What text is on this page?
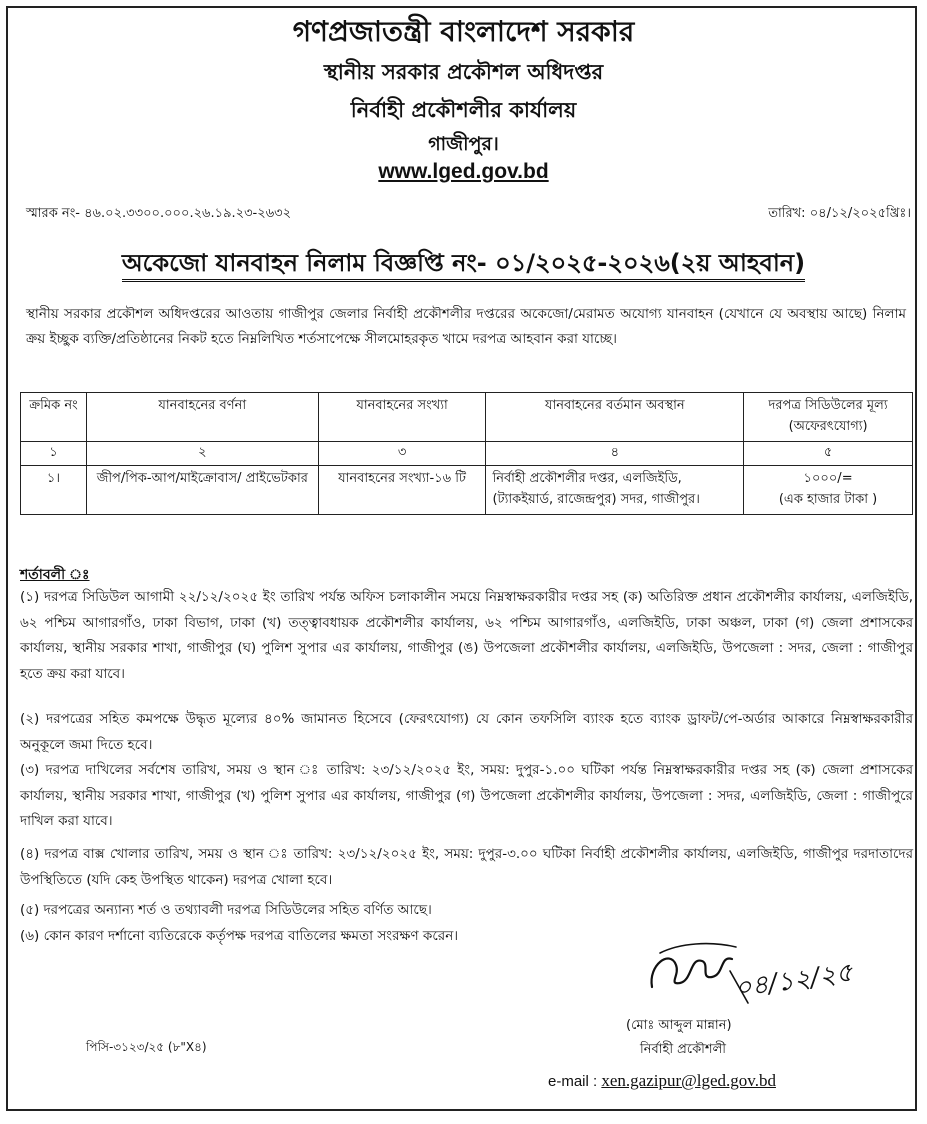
গণপ্রজাতন্ত্রী বাংলাদেশ সরকার
স্থানীয় সরকার প্রকৌশল অধিদপ্তর
নির্বাহী প্রকৌশলীর কার্যালয়
গাজীপুর।
www.lged.gov.bd
স্মারক নং- ৪৬.০২.৩৩০০.০০০.২৬.১৯.২৩-২৬৩২	তারিখ: ০৪/১২/২০২৫খ্রিঃ।
অকেজো যানবাহন নিলাম বিজ্ঞপ্তি নং- ০১/২০২৫-২০২৬(২য় আহবান)
স্থানীয় সরকার প্রকৌশল অধিদপ্তরের আওতায় গাজীপুর জেলার নির্বাহী প্রকৌশলীর দপ্তরের অকেজো/মেরামত অযোগ্য যানবাহন (যেখানে যে অবস্থায় আছে) নিলাম ক্রয় ইচ্ছুক ব্যক্তি/প্রতিষ্ঠানের নিকট হতে নিম্নলিখিত শর্তসাপেক্ষে সীলমোহরকৃত খামে দরপত্র আহবান করা যাচ্ছে।
ক্রমিক নং	যানবাহনের বর্ণনা	যানবাহনের সংখ্যা	যানবাহনের বর্তমান অবস্থান	দরপত্র সিডিউলের মূল্য (অফেরৎযোগ্য)
১	২	৩	৪	৫
১।	জীপ/পিক-আপ/মাইক্রোবাস/ প্রাইভেটকার	যানবাহনের সংখ্যা-১৬ টি	নির্বাহী প্রকৌশলীর দপ্তর, এলজিইডি, (ট্যাকইয়ার্ড, রাজেন্দ্রপুর) সদর, গাজীপুর।	১০০০/=
(এক হাজার টাকা )
শর্তাবলী ঃ
(১) দরপত্র সিডিউল আগামী ২২/১২/২০২৫ ইং তারিখ পর্যন্ত অফিস চলাকালীন সময়ে নিম্নস্বাক্ষরকারীর দপ্তর সহ (ক) অতিরিক্ত প্রধান প্রকৌশলীর কার্যালয়, এলজিইডি, ৬২ পশ্চিম আগারগাঁও, ঢাকা বিভাগ, ঢাকা (খ) তত্ত্বাবধায়ক প্রকৌশলীর কার্যালয়, ৬২ পশ্চিম আগারগাঁও, এলজিইডি, ঢাকা অঞ্চল, ঢাকা (গ) জেলা প্রশাসকের কার্যালয়, স্থানীয় সরকার শাখা, গাজীপুর (ঘ) পুলিশ সুপার এর কার্যালয়, গাজীপুর (ঙ) উপজেলা প্রকৌশলীর কার্যালয়, এলজিইডি, উপজেলা : সদর, জেলা : গাজীপুর হতে ক্রয় করা যাবে।
(২) দরপত্রের সহিত কমপক্ষে উদ্ধৃত মূল্যের ৪০% জামানত হিসেবে (ফেরৎযোগ্য) যে কোন তফসিলি ব্যাংক হতে ব্যাংক ড্রাফট/পে-অর্ডার আকারে নিম্নস্বাক্ষরকারীর অনুকূলে জমা দিতে হবে।
(৩) দরপত্র দাখিলের সর্বশেষ তারিখ, সময় ও স্থান ঃ তারিখ: ২৩/১২/২০২৫ ইং, সময়: দুপুর-১.০০ ঘটিকা পর্যন্ত নিম্নস্বাক্ষরকারীর দপ্তর সহ (ক) জেলা প্রশাসকের কার্যালয়, স্থানীয় সরকার শাখা, গাজীপুর (খ) পুলিশ সুপার এর কার্যালয়, গাজীপুর (গ) উপজেলা প্রকৌশলীর কার্যালয়, উপজেলা : সদর, এলজিইডি, জেলা : গাজীপুরে দাখিল করা যাবে।
(৪) দরপত্র বাক্স খোলার তারিখ, সময় ও স্থান ঃ তারিখ: ২৩/১২/২০২৫ ইং, সময়: দুপুর-৩.০০ ঘটিকা নির্বাহী প্রকৌশলীর কার্যালয়, এলজিইডি, গাজীপুর দরদাতাদের উপস্থিতিতে (যদি কেহ উপস্থিত থাকেন) দরপত্র খোলা হবে।
(৫) দরপত্রের অন্যান্য শর্ত ও তথ্যাবলী দরপত্র সিডিউলের সহিত বর্ণিত আছে।
(৬) কোন কারণ দর্শানো ব্যতিরেকে কর্তৃপক্ষ দরপত্র বাতিলের ক্ষমতা সংরক্ষণ করেন।
০৪/১২/২৫
(মোঃ আব্দুল মান্নান)
নির্বাহী প্রকৌশলী
পিসি-৩১২৩/২৫ (৮"X৪)
e-mail : xen.gazipur@lged.gov.bd
